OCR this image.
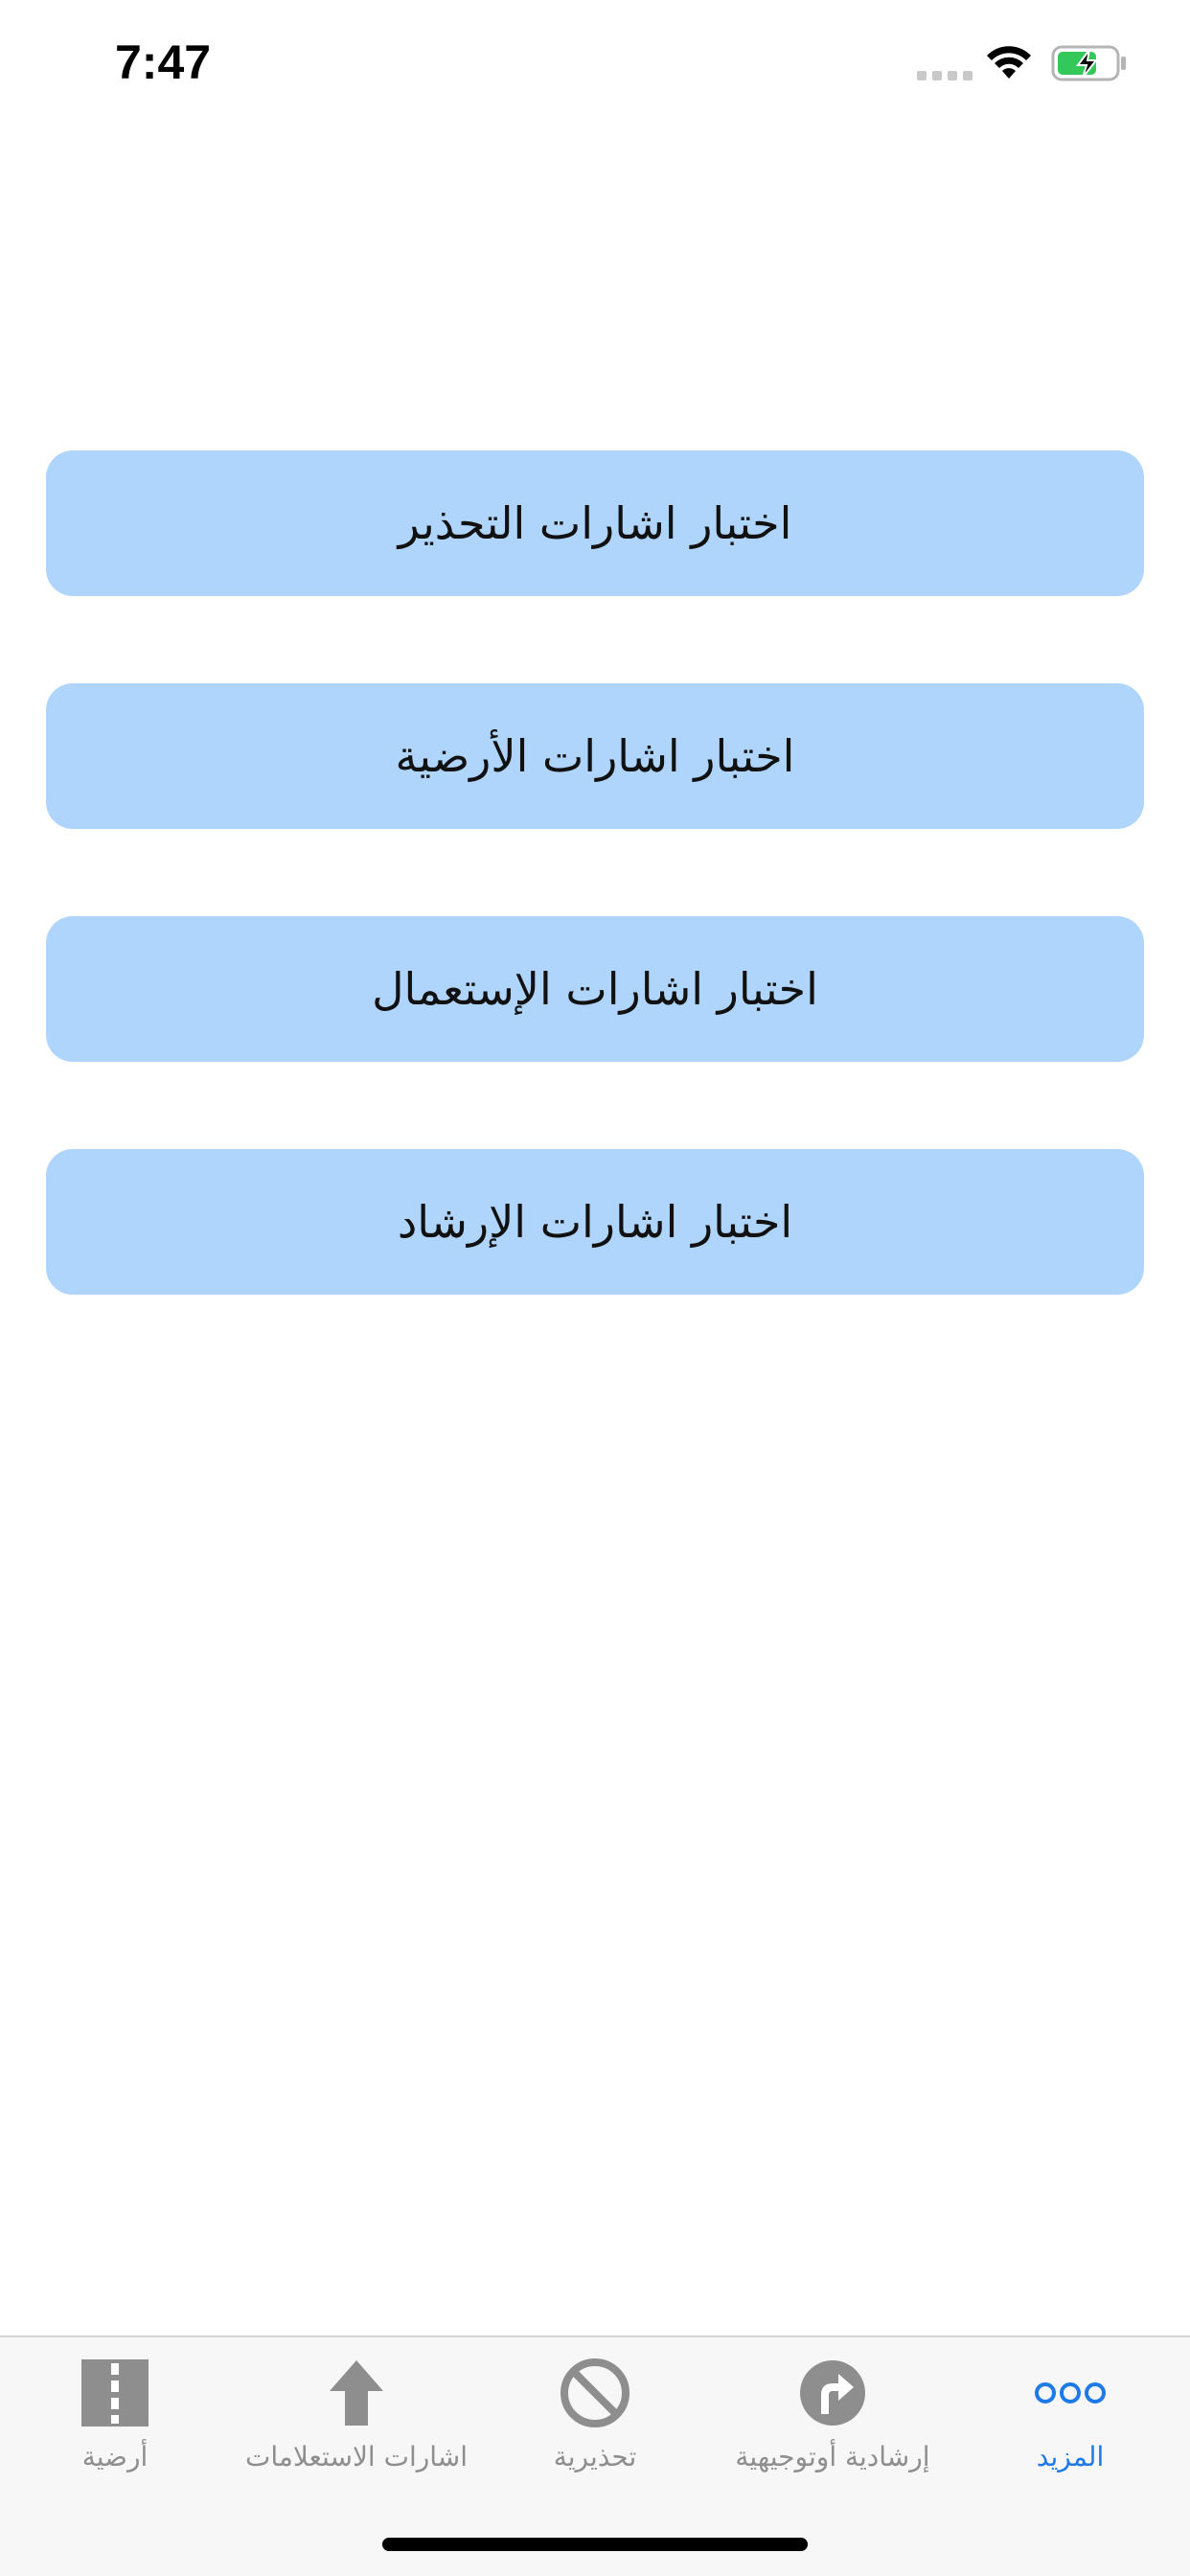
7:47
اختبار اشارات التحذير
اختبار اشارات الأرضية
اختبار اشارات الإستعمال
اختبار اشارات الإرشاد
أرضية	اشارات الاستعلامات	تحذيرية	إرشادية أوتوجيهية	المزيد
